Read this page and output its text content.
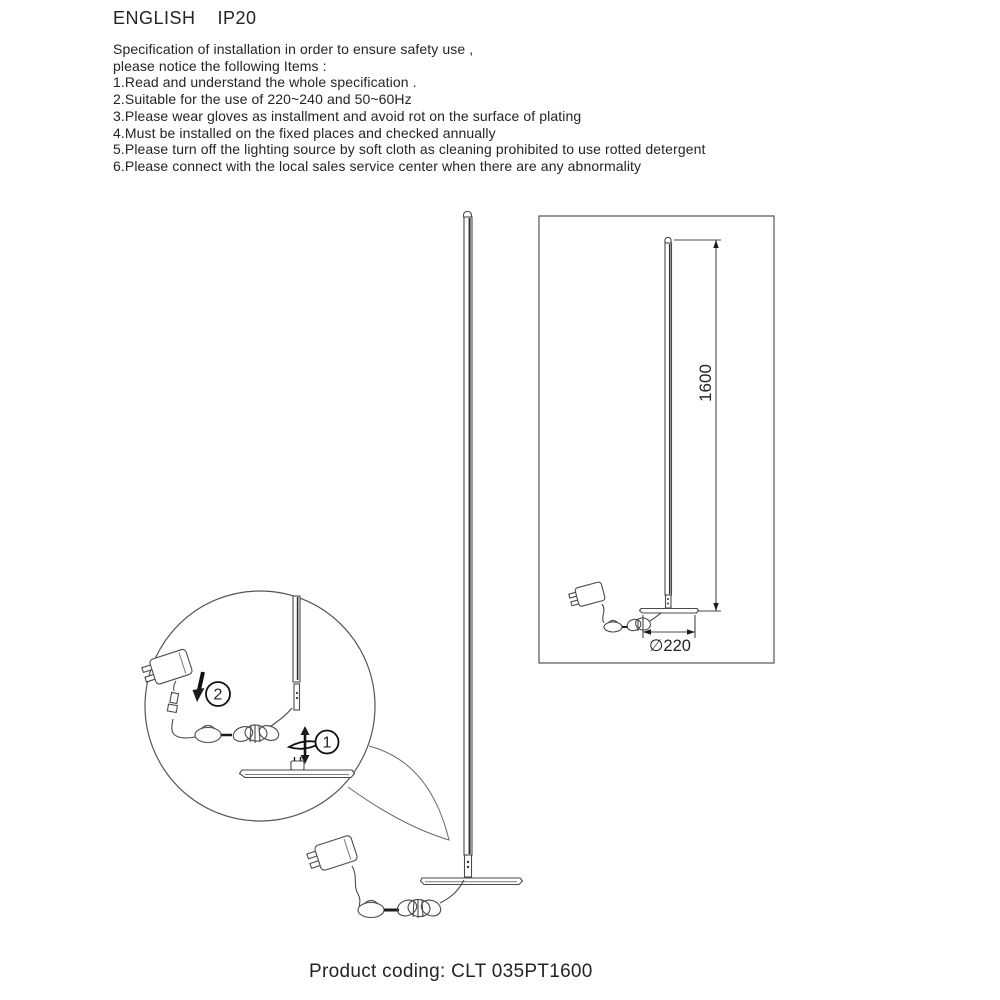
ENGLISH IP20
Specification of installation in order to ensure safety use ,
please notice the following Items :
1.Read and understand the whole specification .
2.Suitable for the use of 220~240 and 50~60Hz
3.Please wear gloves as installment and avoid rot on the surface of plating
4.Must be installed on the fixed places and checked annually
5.Please turn off the lighting source by soft cloth as cleaning prohibited to use rotted detergent
6.Please connect with the local sales service center when there are any abnormality
2
1
1600
∅220
Product coding: CLT 035PT1600
